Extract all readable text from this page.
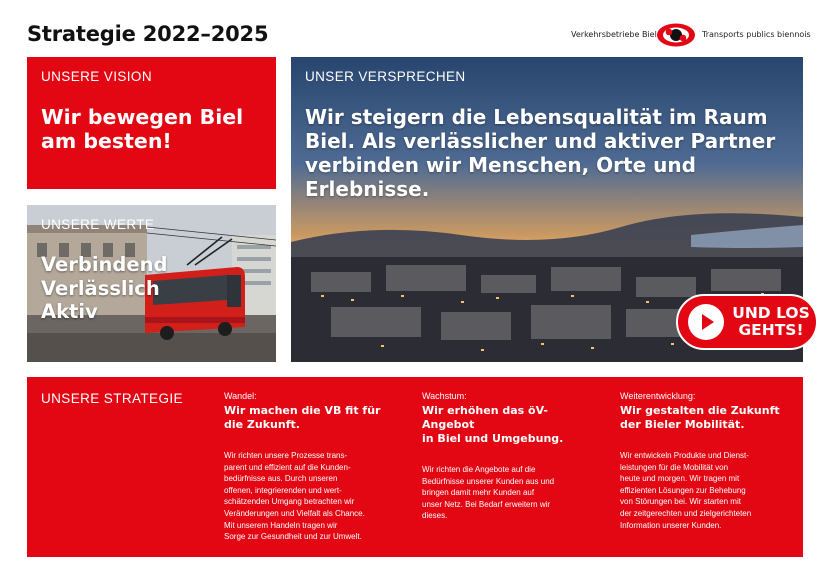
Strategie 2022–2025	Verkehrsbetriebe Biel	Transports publics biennois
UNSERE VISION
Wir bewegen Biel
am besten!
UNSERE WERTE
Verbindend
Verlässlich
Aktiv
UNSER VERSPRECHEN
Wir steigern die Lebensqualität im Raum
Biel. Als verlässlicher und aktiver Partner
verbinden wir Menschen, Orte und
Erlebnisse.
UND LOS
GEHTS!
UNSERE STRATEGIE	Wandel:
Wir machen die VB fit für
die Zukunft.
Wir richten unsere Prozesse trans-
parent und effizient auf die Kunden-
bedürfnisse aus. Durch unseren
offenen, integrierenden und wert-
schätzenden Umgang betrachten wir
Veränderungen und Vielfalt als Chance.
Mit unserem Handeln tragen wir
Sorge zur Gesundheit und zur Umwelt.
Wachstum:
Wir erhöhen das öV-Angebot
in Biel und Umgebung.
Wir richten die Angebote auf die
Bedürfnisse unserer Kunden aus und
bringen damit mehr Kunden auf
unser Netz. Bei Bedarf erweitern wir
dieses.
Weiterentwicklung:
Wir gestalten die Zukunft
der Bieler Mobilität.
Wir entwickeln Produkte und Dienst-
leistungen für die Mobilität von
heute und morgen. Wir tragen mit
effizienten Lösungen zur Behebung
von Störungen bei. Wir starten mit
der zeitgerechten und zielgerichteten
Information unserer Kunden.
